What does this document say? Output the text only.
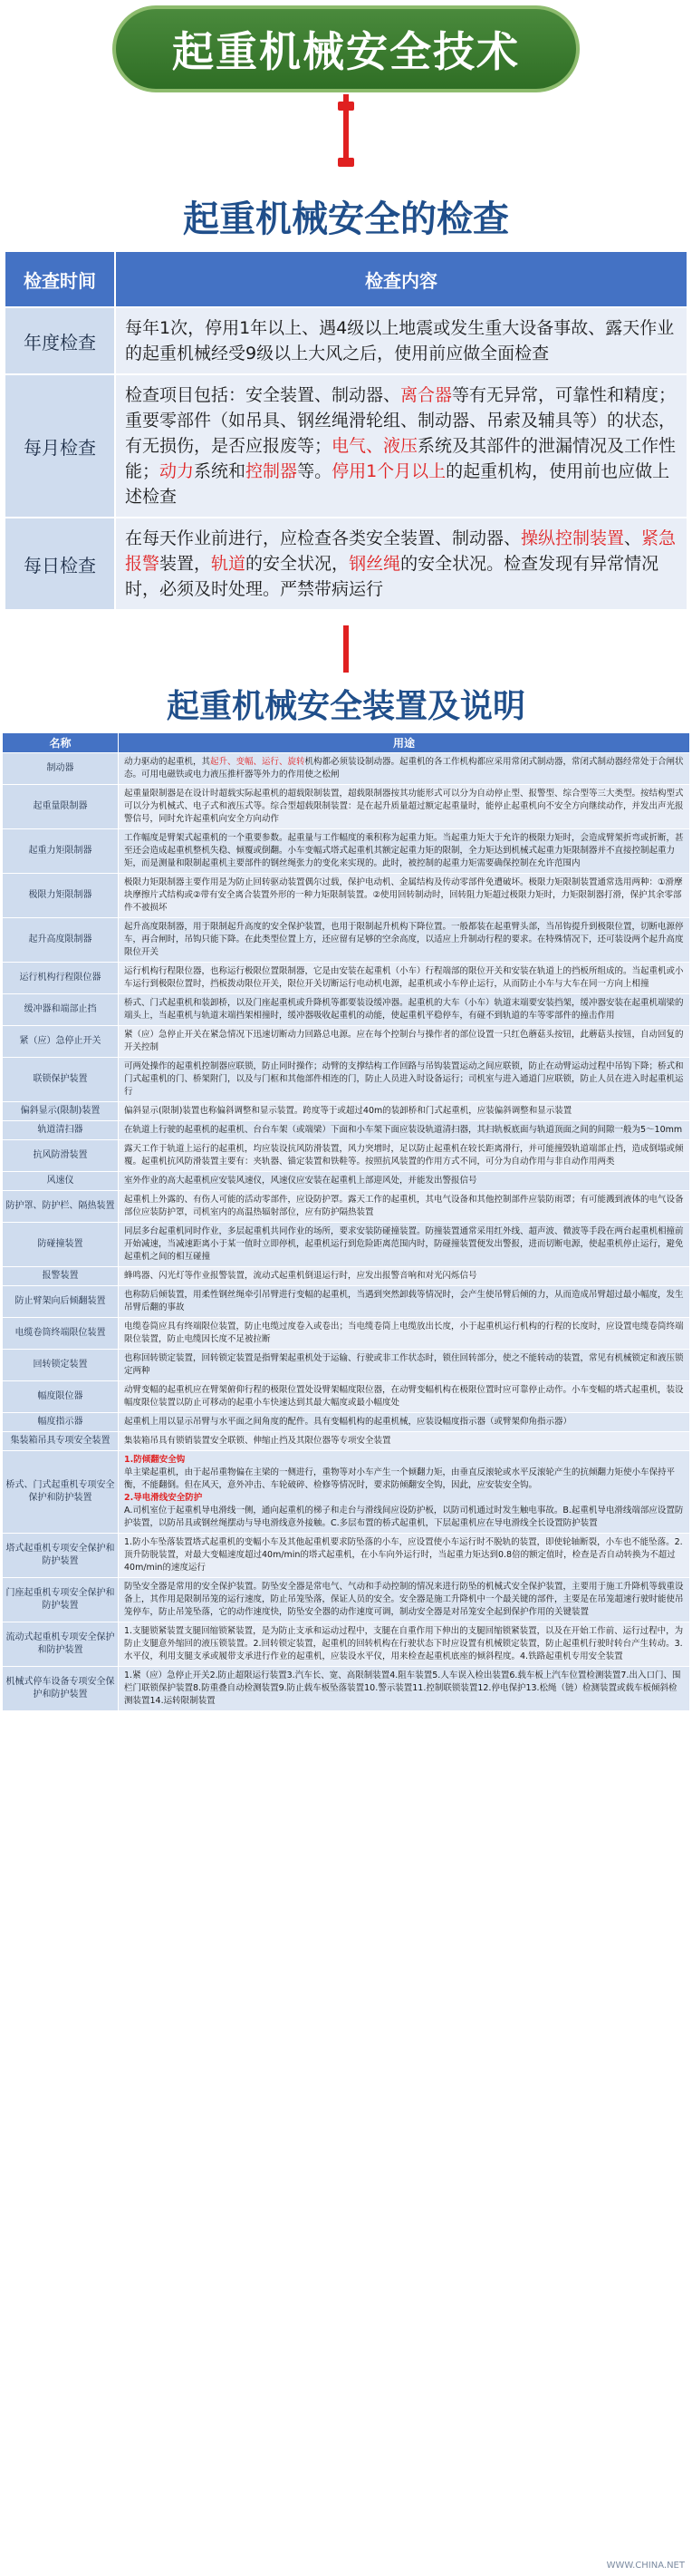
起重机械安全技术
起重机械安全的检查
检查时间	检查内容
年度检查	每年1次，停用1年以上、遇4级以上地震或发生重大设备事故、露天作业的起重机械经受9级以上大风之后，使用前应做全面检查
每月检查	检查项目包括：安全装置、制动器、离合器等有无异常，可靠性和精度；重要零部件（如吊具、钢丝绳滑轮组、制动器、吊索及辅具等）的状态，有无损伤，是否应报废等；电气、液压系统及其部件的泄漏情况及工作性能；动力系统和控制器等。停用1个月以上的起重机构，使用前也应做上述检查
每日检查	在每天作业前进行，应检查各类安全装置、制动器、操纵控制装置、紧急报警装置，轨道的安全状况，钢丝绳的安全状况。检查发现有异常情况时，必须及时处理。严禁带病运行
起重机械安全装置及说明
名称	用途
制动器	动力驱动的起重机，其起升、变幅、运行、旋转机构都必须装设制动器。起重机的各工作机构都应采用常闭式制动器，常闭式制动器经常处于合闸状态。可用电磁铁或电力液压推杆器等外力的作用使之松闸
起重量限制器	起重量限制器是在设计时超载实际起重机的超载限制装置，超载限制器按其功能形式可以分为自动停止型、报警型、综合型等三大类型。按结构型式可以分为机械式、电子式和液压式等。综合型超载限制装置：是在起升质量超过额定起重量时，能停止起重机向不安全方向继续动作，并发出声光报警信号，同时允许起重机向安全方向动作
起重力矩限制器	工作幅度是臂架式起重机的一个重要参数。起重量与工作幅度的乘积称为起重力矩。当起重力矩大于允许的极限力矩时，会造成臂架折弯或折断，甚至还会造成起重机整机失稳、倾覆或倒翻。小车变幅式塔式起重机其额定起重力矩的限制，全力矩达到机械式起重力矩限制器并不直接控制起重力矩，而是测量和限制起重机主要部件的钢丝绳张力的变化来实现的。此时，被控制的起重力矩需要确保控制在允许范围内
极限力矩限制器	极限力矩限制器主要作用是为防止回转驱动装置偶尔过载，保护电动机、金属结构及传动零部件免遭破坏。极限力矩限制装置通常选用两种：①滑摩块摩擦片式结构或②带有安全离合装置外形的一种力矩限制装置。②使用回转制动时，回转阻力矩超过极限力矩时，力矩限制器打滑，保护其余零部件不被损坏
起升高度限制器	起升高度限制器，用于限制起升高度的安全保护装置，也用于限制起升机构下降位置。一般都装在起重臂头部，当吊钩提升到极限位置，切断电源停车，再合闸时，吊钩只能下降。在此类型位置上方，还应留有足够的空余高度，以适应上升制动行程的要求。在特殊情况下，还可装设两个起升高度限位开关
运行机构行程限位器	运行机构行程限位器，也称运行极限位置限制器，它是由安装在起重机（小车）行程端部的限位开关和安装在轨道上的挡板所组成的。当起重机或小车运行到极限位置时，挡板拨动限位开关，限位开关切断运行电动机电源，起重机或小车停止运行，从而防止小车与大车在同一方向上相撞
缓冲器和端部止挡	桥式、门式起重机和装卸桥，以及门座起重机或升降机等都要装设缓冲器。起重机的大车（小车）轨道末端要安装挡架，缓冲器安装在起重机端梁的端头上，当起重机与轨道末端挡架相撞时，缓冲器吸收起重机的动能，使起重机平稳停车，有碰不到轨道的车等零部件的撞击作用
紧（应）急停止开关	紧（应）急停止开关在紧急情况下迅速切断动力回路总电源。应在每个控制台与操作者的部位设置一只红色蘑菇头按钮，此蘑菇头按钮，自动回复的开关控制
联锁保护装置	可两处操作的起重机控制器应联锁，防止同时操作；动臂的支撑结构工作回路与吊钩装置运动之间应联锁，防止在动臂运动过程中吊钩下降；桥式和门式起重机的门、桥架附门，以及与门框和其他部件相连的门，防止人员进入时设备运行；司机室与进入通道门应联锁，防止人员在进入时起重机运行
偏斜显示(限制)装置	偏斜显示(限制)装置也称偏斜调整和显示装置。跨度等于或超过40m的装卸桥和门式起重机，应装偏斜调整和显示装置
轨道清扫器	在轨道上行驶的起重机的起重机、台台车架（或端梁）下面和小车架下面应装设轨道清扫器，其扫轨板底面与轨道顶面之间的间隙一般为5～10mm
抗风防滑装置	露天工作于轨道上运行的起重机，均应装设抗风防滑装置，风力突增时，足以防止起重机在较长距离滑行，并可能撞毁轨道端部止挡，造成倒塌或倾覆。起重机抗风防滑装置主要有：夹轨器、锚定装置和铁鞋等。按照抗风装置的作用方式不同，可分为自动作用与非自动作用两类
风速仪	室外作业的高大起重机应安装风速仪，风速仪应安装在起重机上部迎风处，并能发出警报信号
防护罩、防护栏、隔热装置	起重机上外露的、有伤人可能的活动零部件，应设防护罩。露天工作的起重机，其电气设备和其他控制部件应装防雨罩；有可能溅到液体的电气设备部位应装防护罩，司机室内的高温热辐射部位，应有防护隔热装置
防碰撞装置	同层多台起重机同时作业，多层起重机共同作业的场所，要求安装防碰撞装置。防撞装置通常采用红外线、超声波、微波等手段在两台起重机相撞前开始减速，当减速距离小于某一值时立即停机，起重机运行到危险距离范围内时，防碰撞装置便发出警报，进而切断电源，使起重机停止运行，避免起重机之间的相互碰撞
报警装置	蜂鸣器、闪光灯等作业报警装置，流动式起重机倒退运行时，应发出报警音响和对光闪烁信号
防止臂架向后倾翻装置	也称防后倾装置，用柔性钢丝绳牵引吊臂进行变幅的起重机，当遇到突然卸载等情况时，会产生使吊臂后倾的力，从而造成吊臂超过最小幅度，发生吊臂后翻的事故
电缆卷筒终端限位装置	电缆卷筒应具有终端限位装置，防止电缆过度卷入或卷出；当电缆卷筒上电缆放出长度，小于起重机运行机构的行程的长度时，应设置电缆卷筒终端限位装置，防止电缆因长度不足被拉断
回转锁定装置	也称回转锁定装置，回转锁定装置是指臂架起重机处于运输、行驶或非工作状态时，锁住回转部分，使之不能转动的装置，常见有机械锁定和液压锁定两种
幅度限位器	动臂变幅的起重机应在臂架俯仰行程的极限位置处设臂架幅度限位器，在动臂变幅机构在极限位置时应可靠停止动作。小车变幅的塔式起重机，装设幅度限位装置以防止可移动的起重小车快速达到其最大幅度或最小幅度处
幅度指示器	起重机上用以显示吊臂与水平面之间角度的配件。具有变幅机构的起重机械，应装设幅度指示器（或臂架仰角指示器）
集装箱吊具专项安全装置	集装箱吊具有锁销装置安全联锁、伸缩止挡及其限位器等专项安全装置
桥式、门式起重机专项安全保护和防护装置	1.防倾翻安全钩
单主梁起重机，由于起吊重物偏在主梁的一侧进行，重物等对小车产生一个倾翻力矩，由垂直反滚轮或水平反滚轮产生的抗倾翻力矩使小车保持平衡，不能翻倒。但在风天，意外冲击、车轮破碎、检修等情况时，要求防倾翻安全钩，因此，应安装安全钩。
2.导电滑线安全防护
A.司机室位于起重机导电滑线一侧，通向起重机的梯子和走台与滑线间应设防护板，以防司机通过时发生触电事故。B.起重机导电滑线端部应设置防护装置，以防吊具或钢丝绳摆动与导电滑线意外接触。C.多层布置的桥式起重机，下层起重机应在导电滑线全长设置防护装置
塔式起重机专项安全保护和防护装置	1.防小车坠落装置塔式起重机的变幅小车及其他起重机要求防坠落的小车，应设置使小车运行时不脱轨的装置，即使轮轴断裂，小车也不能坠落。2.顶升防脱装置，对最大变幅速度超过40m/min的塔式起重机，在小车向外运行时，当起重力矩达到0.8倍的额定值时，检查是否自动转换为不超过40m/min的速度运行
门座起重机专项安全保护和防护装置	防坠安全器是常用的安全保护装置。防坠安全器是常电气、气动和手动控制的情况来进行防坠的机械式安全保护装置，主要用于施工升降机等载重设备上，其作用是限制吊笼的运行速度，防止吊笼坠落，保证人员的安全。安全器是施工升降机中一个最关键的部件，主要是在吊笼超速行驶时能使吊笼停车，防止吊笼坠落，它的动作速度快，防坠安全器的动作速度可调，制动安全器是对吊笼安全起到保护作用的关键装置
流动式起重机专项安全保护和防护装置	1.支腿锁紧装置支腿回缩锁紧装置，是为防止支承和运动过程中，支腿在自重作用下伸出的支腿回缩锁紧装置，以及在开始工作前、运行过程中，为防止支腿意外缩回的液压锁装置。2.回转锁定装置，起重机的回转机构在行驶状态下时应设置有机械锁定装置，防止起重机行驶时转台产生转动。3.水平仪，利用支腿支承或履带支承进行作业的起重机，应装设水平仪，用来检查起重机底座的倾斜程度。4.铁路起重机专用安全装置
机械式停车设备专项安全保护和防护装置	1.紧（应）急停止开关2.防止超限运行装置3.汽车长、宽、高限制装置4.阻车装置5.人车误入检出装置6.载车板上汽车位置检测装置7.出入口门、围栏门联锁保护装置8.防重叠自动检测装置9.防止载车板坠落装置10.警示装置11.控制联锁装置12.停电保护13.松绳（链）检测装置或载车板倾斜检测装置14.运转限制装置
WWW.CHINA.NET
